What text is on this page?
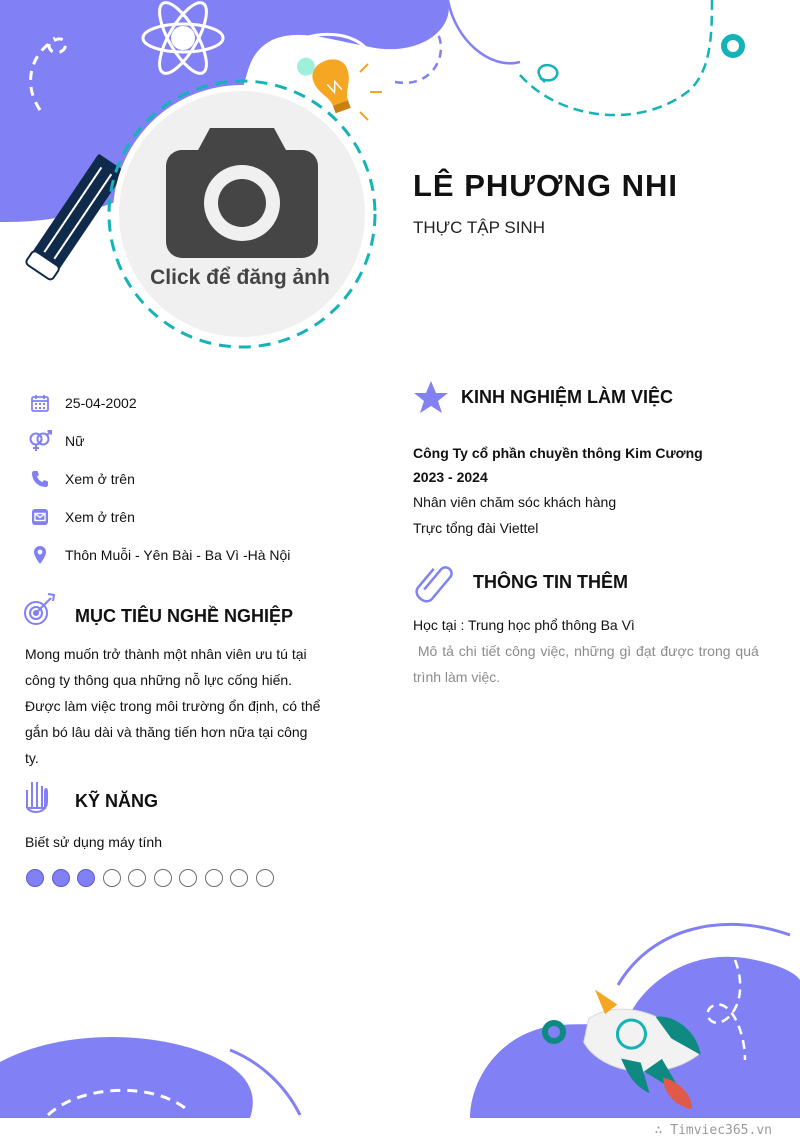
LÊ PHƯƠNG NHI
THỰC TẬP SINH
Click để đăng ảnh
25-04-2002
Nữ
Xem ở trên
Xem ở trên
Thôn Muỗi - Yên Bài - Ba Vì -Hà Nội
MỤC TIÊU NGHỀ NGHIỆP
Mong muốn trở thành một nhân viên ưu tú tại
công ty thông qua những nỗ lực cống hiến.
Được làm việc trong môi trường ổn định, có thể
gắn bó lâu dài và thăng tiến hơn nữa tại công
ty.
KỸ NĂNG
Biết sử dụng máy tính
KINH NGHIỆM LÀM VIỆC
Công Ty cổ phần chuyền thông Kim Cương
2023 - 2024
Nhân viên chăm sóc khách hàng
Trực tổng đài Viettel
THÔNG TIN THÊM
Học tại : Trung học phổ thông Ba Vì
Mô tả chi tiết công việc, những gì đạt được trong quá
trình làm việc.
∴ Timviec365.vn
